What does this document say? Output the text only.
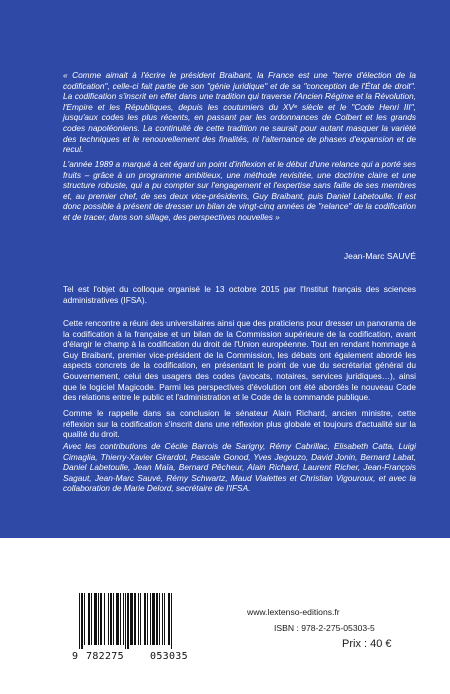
« Comme aimait à l'écrire le président Braibant, la France est une "terre d'élection de la codification", celle-ci fait partie de son "génie juridique" et de sa "conception de l'État de droit". La codification s'inscrit en effet dans une tradition qui traverse l'Ancien Régime et la Révolution, l'Empire et les Républiques, depuis les coutumiers du XVᵉ siècle et le "Code Henri III", jusqu'aux codes les plus récents, en passant par les ordonnances de Colbert et les grands codes napoléoniens. La continuité de cette tradition ne saurait pour autant masquer la variété des techniques et le renouvellement des finalités, ni l'alternance de phases d'expansion et de recul.

L'année 1989 a marqué à cet égard un point d'inflexion et le début d'une relance qui a porté ses fruits – grâce à un programme ambitieux, une méthode revisitée, une doctrine claire et une structure robuste, qui a pu compter sur l'engagement et l'expertise sans faille de ses membres et, au premier chef, de ses deux vice-présidents, Guy Braibant, puis Daniel Labetoulle. Il est donc possible à présent de dresser un bilan de vingt-cinq années de "relance" de la codification et de tracer, dans son sillage, des perspectives nouvelles »

Jean-Marc SAUVÉ

Tel est l'objet du colloque organisé le 13 octobre 2015 par l'Institut français des sciences administratives (IFSA).

Cette rencontre a réuni des universitaires ainsi que des praticiens pour dresser un panorama de la codification à la française et un bilan de la Commission supérieure de la codification, avant d'élargir le champ à la codification du droit de l'Union européenne. Tout en rendant hommage à Guy Braibant, premier vice-président de la Commission, les débats ont également abordé les aspects concrets de la codification, en présentant le point de vue du secrétariat général du Gouvernement, celui des usagers des codes (avocats, notaires, services juridiques…), ainsi que le logiciel Magicode. Parmi les perspectives d'évolution ont été abordés le nouveau Code des relations entre le public et l'administration et le Code de la commande publique.

Comme le rappelle dans sa conclusion le sénateur Alain Richard, ancien ministre, cette réflexion sur la codification s'inscrit dans une réflexion plus globale et toujours d'actualité sur la qualité du droit.

Avec les contributions de Cécile Barrois de Sarigny, Rémy Cabrillac, Elisabeth Catta, Luigi Cimaglia, Thierry-Xavier Girardot, Pascale Gonod, Yves Jegouzo, David Jonin, Bernard Labat, Daniel Labetoulle, Jean Maïa, Bernard Pêcheur, Alain Richard, Laurent Richer, Jean-François Sagaut, Jean-Marc Sauvé, Rémy Schwartz, Maud Vialettes et Christian Vigouroux, et avec la collaboration de Marie Delord, secrétaire de l'IFSA.

9 782275	053035

www.lextenso-editions.fr

ISBN : 978-2-275-05303-5

Prix : 40 €
